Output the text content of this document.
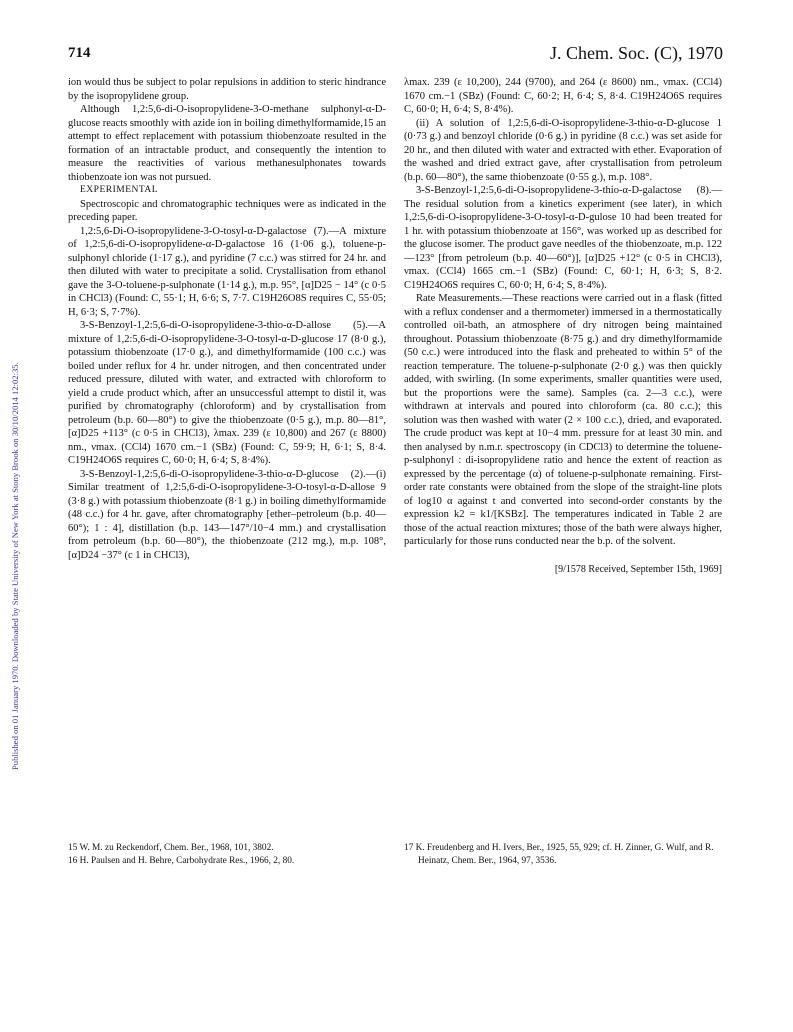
714	J. Chem. Soc. (C), 1970
Published on 01 January 1970. Downloaded by State University of New York at Stony Brook on 30/10/2014 12:02:35.

ion would thus be subject to polar repulsions in addition to steric hindrance by the isopropylidene group.

Although 1,2:5,6-di-O-isopropylidene-3-O-methane sulphonyl-α-D-glucose reacts smoothly with azide ion in boiling dimethylformamide,15 an attempt to effect replacement with potassium thiobenzoate resulted in the formation of an intractable product, and consequently the intention to measure the reactivities of various methanesulphonates towards thiobenzoate ion was not pursued.

EXPERIMENTAL

Spectroscopic and chromatographic techniques were as indicated in the preceding paper.

1,2:5,6-Di-O-isopropylidene-3-O-tosyl-α-D-galactose (7).—A mixture of 1,2:5,6-di-O-isopropylidene-α-D-galactose 16 (1·06 g.), toluene-p-sulphonyl chloride (1·17 g.), and pyridine (7 c.c.) was stirred for 24 hr. and then diluted with water to precipitate a solid. Crystallisation from ethanol gave the 3-O-toluene-p-sulphonate (1·14 g.), m.p. 95°, [α]D25 − 14° (c 0·5 in CHCl3) (Found: C, 55·1; H, 6·6; S, 7·7. C19H26O8S requires C, 55·05; H, 6·3; S, 7·7%).

3-S-Benzoyl-1,2:5,6-di-O-isopropylidene-3-thio-α-D-allose (5).—A mixture of 1,2:5,6-di-O-isopropylidene-3-O-tosyl-α-D-glucose 17 (8·0 g.), potassium thiobenzoate (17·0 g.), and dimethylformamide (100 c.c.) was boiled under reflux for 4 hr. under nitrogen, and then concentrated under reduced pressure, diluted with water, and extracted with chloroform to yield a crude product which, after an unsuccessful attempt to distil it, was purified by chromatography (chloroform) and by crystallisation from petroleum (b.p. 60—80°) to give the thiobenzoate (0·5 g.), m.p. 80—81°, [α]D25 +113° (c 0·5 in CHCl3), λmax. 239 (ε 10,800) and 267 (ε 8800) nm., νmax. (CCl4) 1670 cm.−1 (SBz) (Found: C, 59·9; H, 6·1; S, 8·4. C19H24O6S requires C, 60·0; H, 6·4; S, 8·4%).

3-S-Benzoyl-1,2:5,6-di-O-isopropylidene-3-thio-α-D-glucose (2).—(i) Similar treatment of 1,2:5,6-di-O-isopropylidene-3-O-tosyl-α-D-allose 9 (3·8 g.) with potassium thiobenzoate (8·1 g.) in boiling dimethylformamide (48 c.c.) for 4 hr. gave, after chromatography [ether–petroleum (b.p. 40—60°); 1 : 4], distillation (b.p. 143—147°/10−4 mm.) and crystallisation from petroleum (b.p. 60—80°), the thiobenzoate (212 mg.), m.p. 108°, [α]D24 −37° (c 1 in CHCl3),

λmax. 239 (ε 10,200), 244 (9700), and 264 (ε 8600) nm., νmax. (CCl4) 1670 cm.−1 (SBz) (Found: C, 60·2; H, 6·4; S, 8·4. C19H24O6S requires C, 60·0; H, 6·4; S, 8·4%).

(ii) A solution of 1,2:5,6-di-O-isopropylidene-3-thio-α-D-glucose 1 (0·73 g.) and benzoyl chloride (0·6 g.) in pyridine (8 c.c.) was set aside for 20 hr., and then diluted with water and extracted with ether. Evaporation of the washed and dried extract gave, after crystallisation from petroleum (b.p. 60—80°), the same thiobenzoate (0·55 g.), m.p. 108°.

3-S-Benzoyl-1,2:5,6-di-O-isopropylidene-3-thio-α-D-galactose (8).—The residual solution from a kinetics experiment (see later), in which 1,2:5,6-di-O-isopropylidene-3-O-tosyl-α-D-gulose 10 had been treated for 1 hr. with potassium thiobenzoate at 156°, was worked up as described for the glucose isomer. The product gave needles of the thiobenzoate, m.p. 122—123° [from petroleum (b.p. 40—60°)], [α]D25 +12° (c 0·5 in CHCl3), νmax. (CCl4) 1665 cm.−1 (SBz) (Found: C, 60·1; H, 6·3; S, 8·2. C19H24O6S requires C, 60·0; H, 6·4; S, 8·4%).

Rate Measurements.—These reactions were carried out in a flask (fitted with a reflux condenser and a thermometer) immersed in a thermostatically controlled oil-bath, an atmosphere of dry nitrogen being maintained throughout. Potassium thiobenzoate (8·75 g.) and dry dimethylformamide (50 c.c.) were introduced into the flask and preheated to within 5° of the reaction temperature. The toluene-p-sulphonate (2·0 g.) was then quickly added, with swirling. (In some experiments, smaller quantities were used, but the proportions were the same). Samples (ca. 2—3 c.c.), were withdrawn at intervals and poured into chloroform (ca. 80 c.c.); this solution was then washed with water (2 × 100 c.c.), dried, and evaporated. The crude product was kept at 10−4 mm. pressure for at least 30 min. and then analysed by n.m.r. spectroscopy (in CDCl3) to determine the toluene-p-sulphonyl : di-isopropylidene ratio and hence the extent of reaction as expressed by the percentage (α) of toluene-p-sulphonate remaining. First-order rate constants were obtained from the slope of the straight-line plots of log10 α against t and converted into second-order constants by the expression k2 = k1/[KSBz]. The temperatures indicated in Table 2 are those of the actual reaction mixtures; those of the bath were always higher, particularly for those runs conducted near the b.p. of the solvent.

[9/1578 Received, September 15th, 1969]

15 W. M. zu Reckendorf, Chem. Ber., 1968, 101, 3802.

16 H. Paulsen and H. Behre, Carbohydrate Res., 1966, 2, 80.

17 K. Freudenberg and H. Ivers, Ber., 1925, 55, 929; cf. H. Zinner, G. Wulf, and R. Heinatz, Chem. Ber., 1964, 97, 3536.
